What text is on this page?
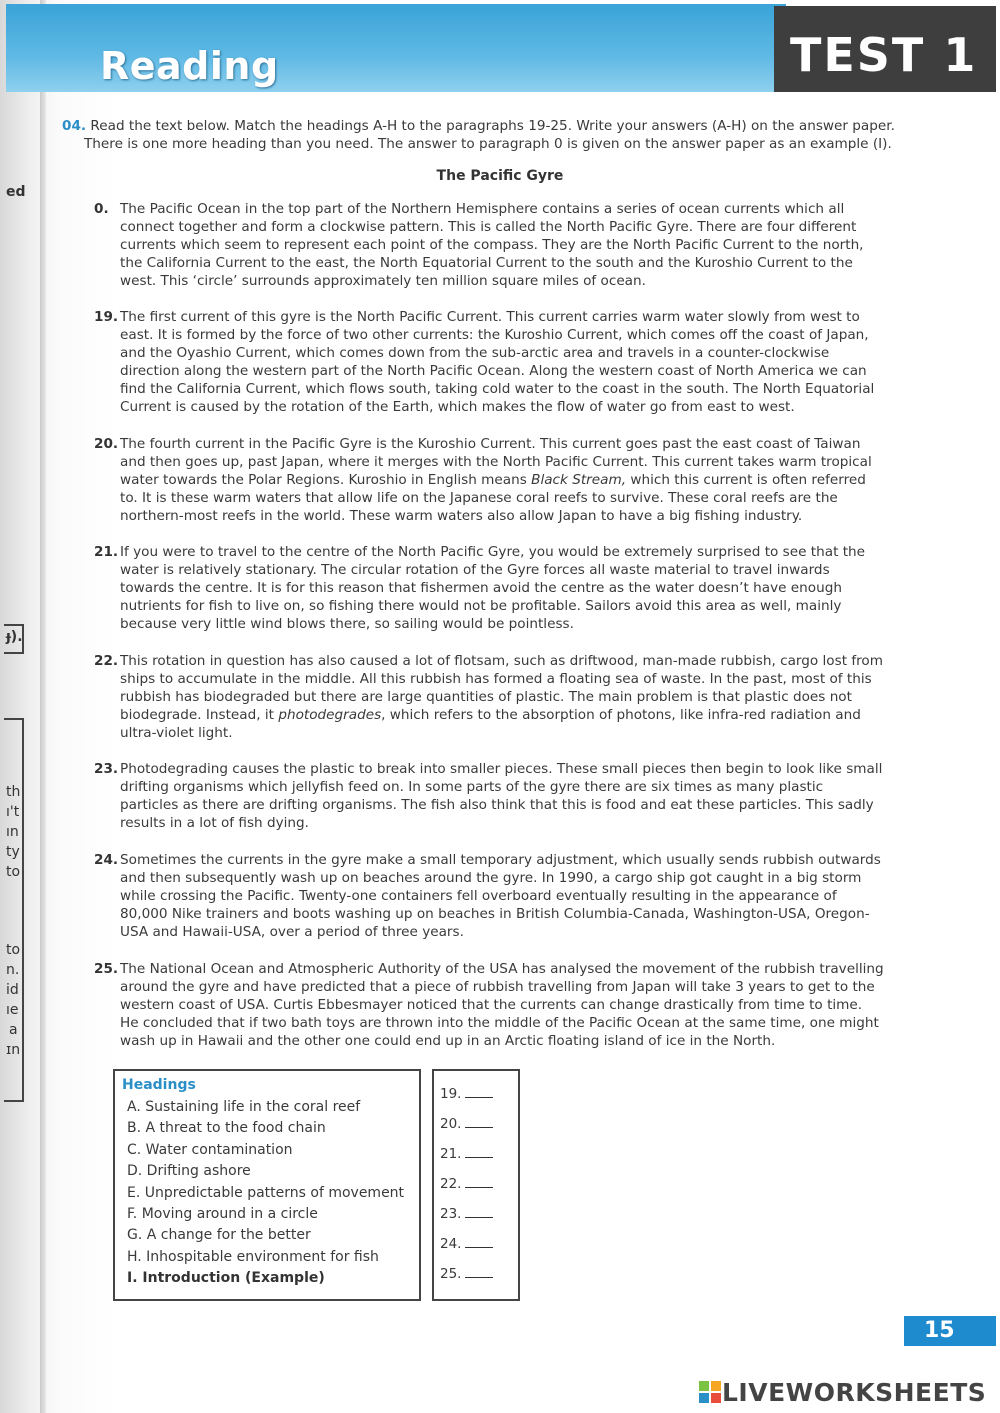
Reading	TEST 1
ed
ɟ).
th
ı't
ın
ty
to
to
n.
id
ıe
a
ɪn
04. Read the text below. Match the headings A-H to the paragraphs 19-25. Write your answers (A-H) on the answer paper.
There is one more heading than you need. The answer to paragraph 0 is given on the answer paper as an example (I).
The Pacific Gyre
0. The Pacific Ocean in the top part of the Northern Hemisphere contains a series of ocean currents which all connect together and form a clockwise pattern. This is called the North Pacific Gyre. There are four different currents which seem to represent each point of the compass. They are the North Pacific Current to the north, the California Current to the east, the North Equatorial Current to the south and the Kuroshio Current to the west. This ‘circle’ surrounds approximately ten million square miles of ocean.
19. The first current of this gyre is the North Pacific Current. This current carries warm water slowly from west to east. It is formed by the force of two other currents: the Kuroshio Current, which comes off the coast of Japan, and the Oyashio Current, which comes down from the sub-arctic area and travels in a counter-clockwise direction along the western part of the North Pacific Ocean. Along the western coast of North America we can find the California Current, which flows south, taking cold water to the coast in the south. The North Equatorial Current is caused by the rotation of the Earth, which makes the flow of water go from east to west.
20. The fourth current in the Pacific Gyre is the Kuroshio Current. This current goes past the east coast of Taiwan and then goes up, past Japan, where it merges with the North Pacific Current. This current takes warm tropical water towards the Polar Regions. Kuroshio in English means Black Stream, which this current is often referred to. It is these warm waters that allow life on the Japanese coral reefs to survive. These coral reefs are the northern-most reefs in the world. These warm waters also allow Japan to have a big fishing industry.
21. If you were to travel to the centre of the North Pacific Gyre, you would be extremely surprised to see that the water is relatively stationary. The circular rotation of the Gyre forces all waste material to travel inwards towards the centre. It is for this reason that fishermen avoid the centre as the water doesn’t have enough nutrients for fish to live on, so fishing there would not be profitable. Sailors avoid this area as well, mainly because very little wind blows there, so sailing would be pointless.
22. This rotation in question has also caused a lot of flotsam, such as driftwood, man-made rubbish, cargo lost from ships to accumulate in the middle. All this rubbish has formed a floating sea of waste. In the past, most of this rubbish has biodegraded but there are large quantities of plastic. The main problem is that plastic does not biodegrade. Instead, it photodegrades, which refers to the absorption of photons, like infra-red radiation and ultra-violet light.
23. Photodegrading causes the plastic to break into smaller pieces. These small pieces then begin to look like small drifting organisms which jellyfish feed on. In some parts of the gyre there are six times as many plastic particles as there are drifting organisms. The fish also think that this is food and eat these particles. This sadly results in a lot of fish dying.
24. Sometimes the currents in the gyre make a small temporary adjustment, which usually sends rubbish outwards and then subsequently wash up on beaches around the gyre. In 1990, a cargo ship got caught in a big storm while crossing the Pacific. Twenty-one containers fell overboard eventually resulting in the appearance of 80,000 Nike trainers and boots washing up on beaches in British Columbia-Canada, Washington-USA, Oregon-USA and Hawaii-USA, over a period of three years.
25. The National Ocean and Atmospheric Authority of the USA has analysed the movement of the rubbish travelling around the gyre and have predicted that a piece of rubbish travelling from Japan will take 3 years to get to the western coast of USA. Curtis Ebbesmayer noticed that the currents can change drastically from time to time. He concluded that if two bath toys are thrown into the middle of the Pacific Ocean at the same time, one might wash up in Hawaii and the other one could end up in an Arctic floating island of ice in the North.
Headings
A. Sustaining life in the coral reef
B. A threat to the food chain
C. Water contamination
D. Drifting ashore
E. Unpredictable patterns of movement
F. Moving around in a circle
G. A change for the better
H. Inhospitable environment for fish
I. Introduction (Example)
19.
20.
21.
22.
23.
24.
25.
15
LIVEWORKSHEETS
